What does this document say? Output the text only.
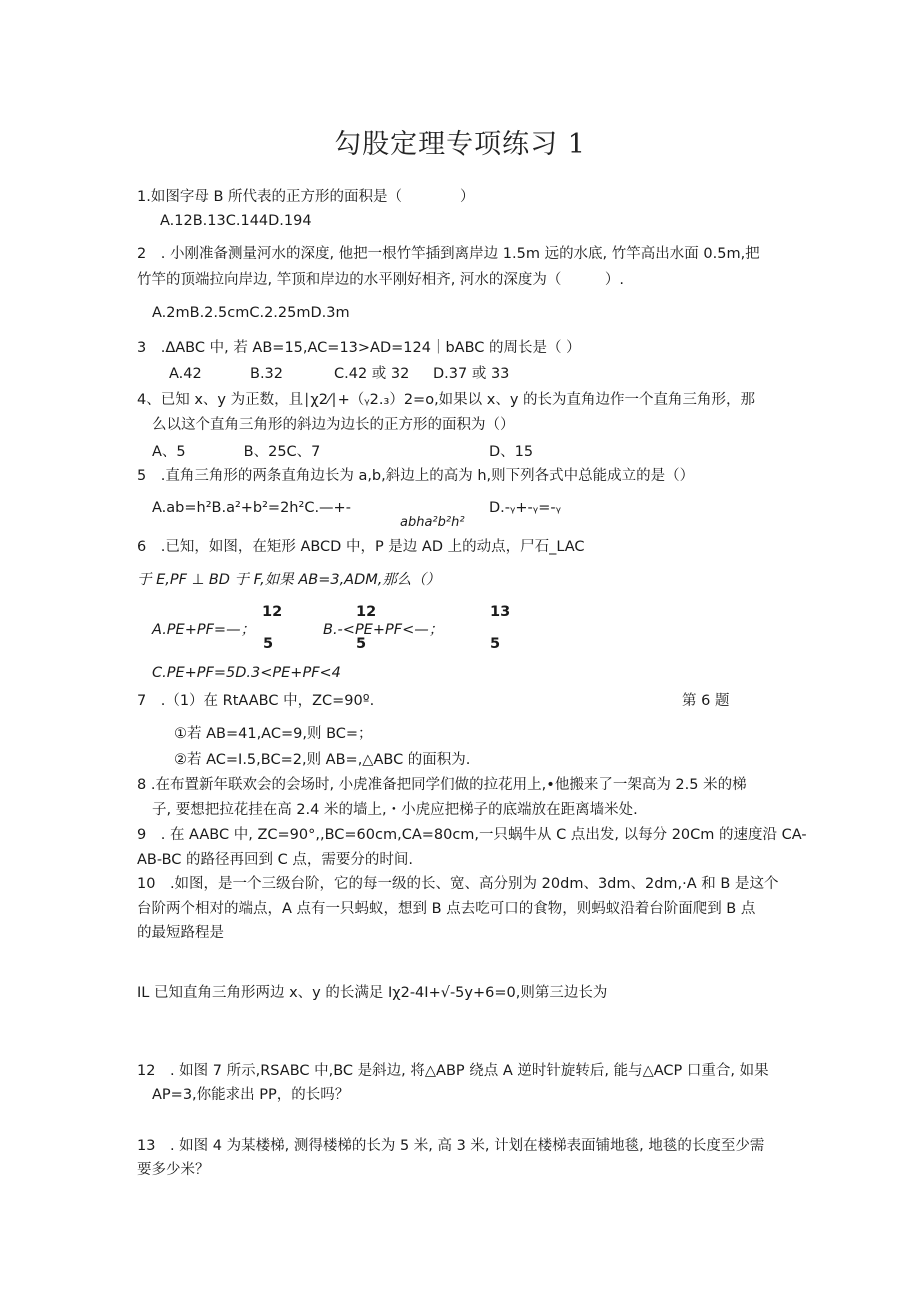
勾股定理专项练习 1
1.如图字母 B 所代表的正方形的面积是（　　　　）
A.12B.13C.144D.194
2　. 小刚准备测量河水的深度, 他把一根竹竿插到离岸边 1.5m 远的水底, 竹竿高出水面 0.5m,把
竹竿的顶端拉向岸边, 竿顶和岸边的水平刚好相齐, 河水的深度为（　　　）.
A.2mB.2.5cmC.2.25mD.3m
3　.ΔABC 中, 若 AB=15,AC=13>AD=124｜bABC 的周长是（ ）
A.42	B.32	C.42 或 32 D.37 或 33
4、已知 x、y 为正数，且∣χ2⁄∣+（ᵧ2.₃）2=o,如果以 x、y 的长为直角边作一个直角三角形，那
么以这个直角三角形的斜边为边长的正方形的面积为（）
A、5　　　　B、25C、7	D、15
5　.直角三角形的两条直角边长为 a,b,斜边上的高为 h,则下列各式中总能成立的是（）
A.ab=h²B.a²+b²=2h²C.—+-	D.-ᵧ+-ᵧ=-ᵧ
abha²b²h²
6　.已知，如图，在矩形 ABCD 中，P 是边 AD 上的动点，尸石_LAC
于 E,PF ⊥ BD 于 F,如果 AB=3,ADM,那么（）
12	12	13
A.PE+PF=—；	B.-<PE+PF<—；
5	5	5
C.PE+PF=5D.3<PE+PF<4
7　.（1）在 RtAABC 中，ZC=90º.	第 6 题
①若 AB=41,AC=9,则 BC=；
②若 AC=I.5,BC=2,则 AB=,△ABC 的面积为.
8 .在布置新年联欢会的会场时, 小虎准备把同学们做的拉花用上,•他搬来了一架高为 2.5 米的梯
子, 要想把拉花挂在高 2.4 米的墙上,・小虎应把梯子的底端放在距离墙米处.
9　. 在 AABC 中, ZC=90°,,BC=60cm,CA=80cm,一只蜗牛从 C 点出发, 以每分 20Cm 的速度沿 CA-
AB-BC 的路径再回到 C 点，需要分的时间.
10　.如图，是一个三级台阶，它的每一级的长、宽、高分别为 20dm、3dm、2dm,·A 和 B 是这个
台阶两个相对的端点，A 点有一只蚂蚁，想到 B 点去吃可口的食物，则蚂蚁沿着台阶面爬到 B 点
的最短路程是
IL 已知直角三角形两边 x、y 的长满足 Iχ2-4I+√-5y+6=0,则第三边长为
12　. 如图 7 所示,RSABC 中,BC 是斜边, 将△ABP 绕点 A 逆时针旋转后, 能与△ACP 口重合, 如果
AP=3,你能求出 PP，的长吗？
13　. 如图 4 为某楼梯, 测得楼梯的长为 5 米, 高 3 米, 计划在楼梯表面铺地毯, 地毯的长度至少需
要多少米？
